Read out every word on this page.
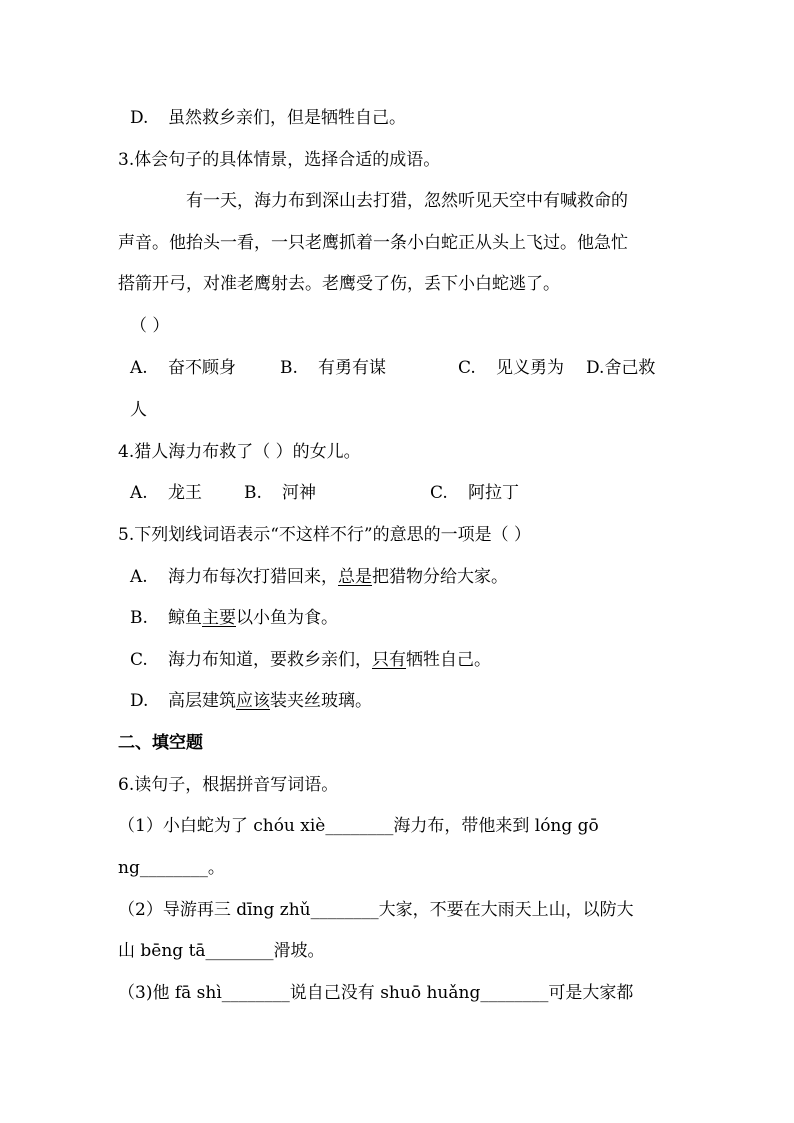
D. 虽然救乡亲们，但是牺牲自己。
3.体会句子的具体情景，选择合适的成语。
有一天，海力布到深山去打猎，忽然听见天空中有喊救命的
声音。他抬头一看，一只老鹰抓着一条小白蛇正从头上飞过。他急忙
搭箭开弓，对准老鹰射去。老鹰受了伤，丢下小白蛇逃了。
（ ）
A. 奋不顾身	B. 有勇有谋	C. 见义勇为 D.舍己救
人
4.猎人海力布救了（ ）的女儿。
A. 龙王 B. 河神	C. 阿拉丁
5.下列划线词语表示“不这样不行”的意思的一项是（ ）
A. 海力布每次打猎回来，总是把猎物分给大家。
B. 鲸鱼主要以小鱼为食。
C. 海力布知道，要救乡亲们，只有牺牲自己。
D. 高层建筑应该装夹丝玻璃。
二、填空题
6.读句子，根据拼音写词语。
（1）小白蛇为了 chóu xiè________海力布，带他来到 lóng gō
ng________。
（2）导游再三 dīng zhǔ________大家，不要在大雨天上山，以防大
山 bēng tā________滑坡。
（3)他 fā shì________说自己没有 shuō huǎng________可是大家都
